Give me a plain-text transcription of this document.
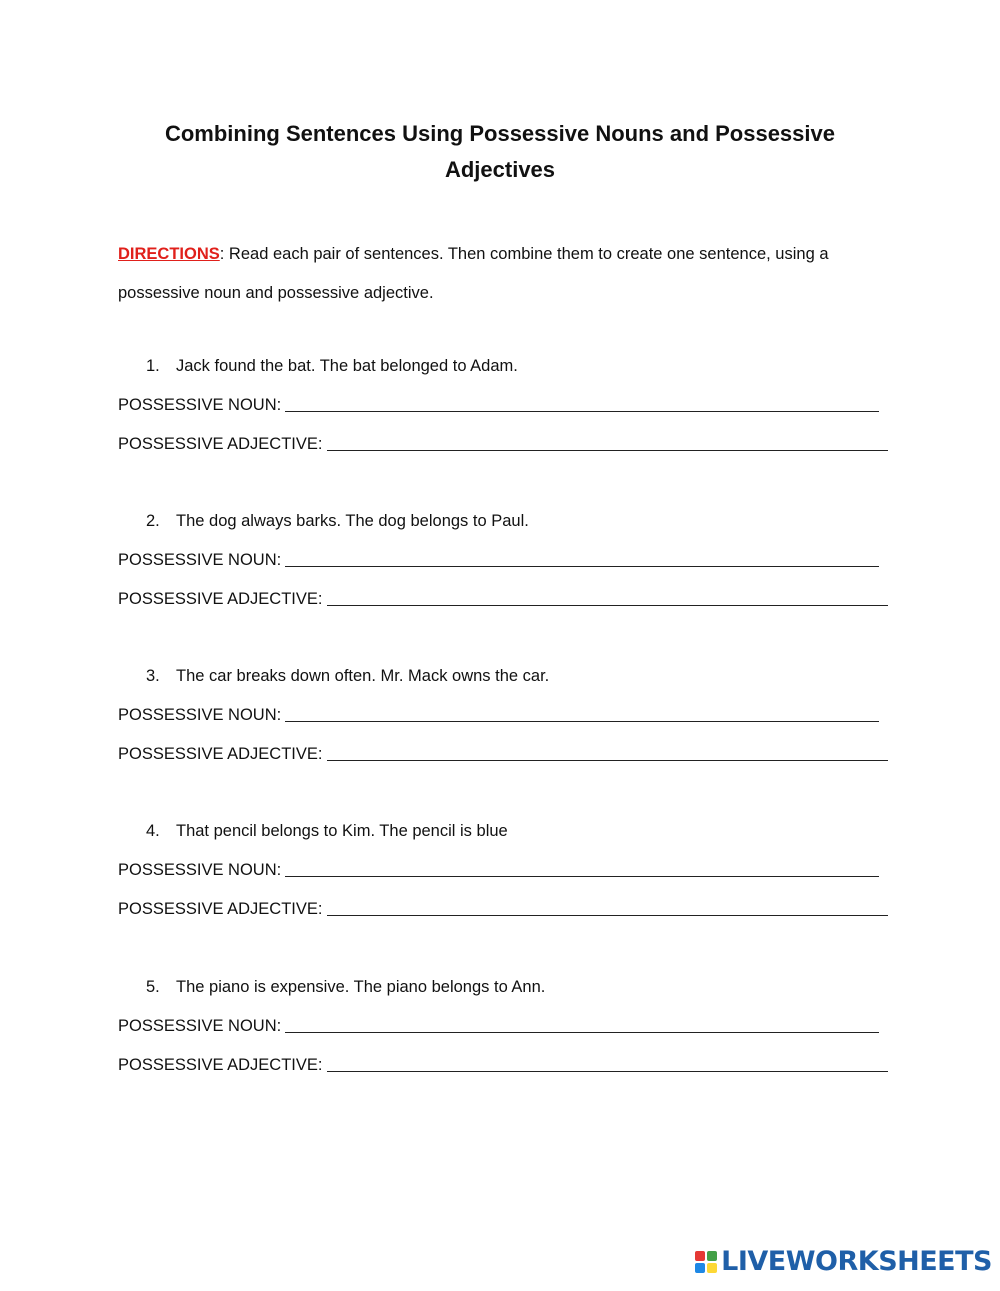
Combining Sentences Using Possessive Nouns and Possessive
Adjectives
DIRECTIONS: Read each pair of sentences. Then combine them to create one sentence, using a possessive noun and possessive adjective.
1. Jack found the bat. The bat belonged to Adam.
POSSESSIVE NOUN:
POSSESSIVE ADJECTIVE:
2. The dog always barks. The dog belongs to Paul.
POSSESSIVE NOUN:
POSSESSIVE ADJECTIVE:
3. The car breaks down often. Mr. Mack owns the car.
POSSESSIVE NOUN:
POSSESSIVE ADJECTIVE:
4. That pencil belongs to Kim. The pencil is blue
POSSESSIVE NOUN:
POSSESSIVE ADJECTIVE:
5. The piano is expensive. The piano belongs to Ann.
POSSESSIVE NOUN:
POSSESSIVE ADJECTIVE:
LIVEWORKSHEETS
